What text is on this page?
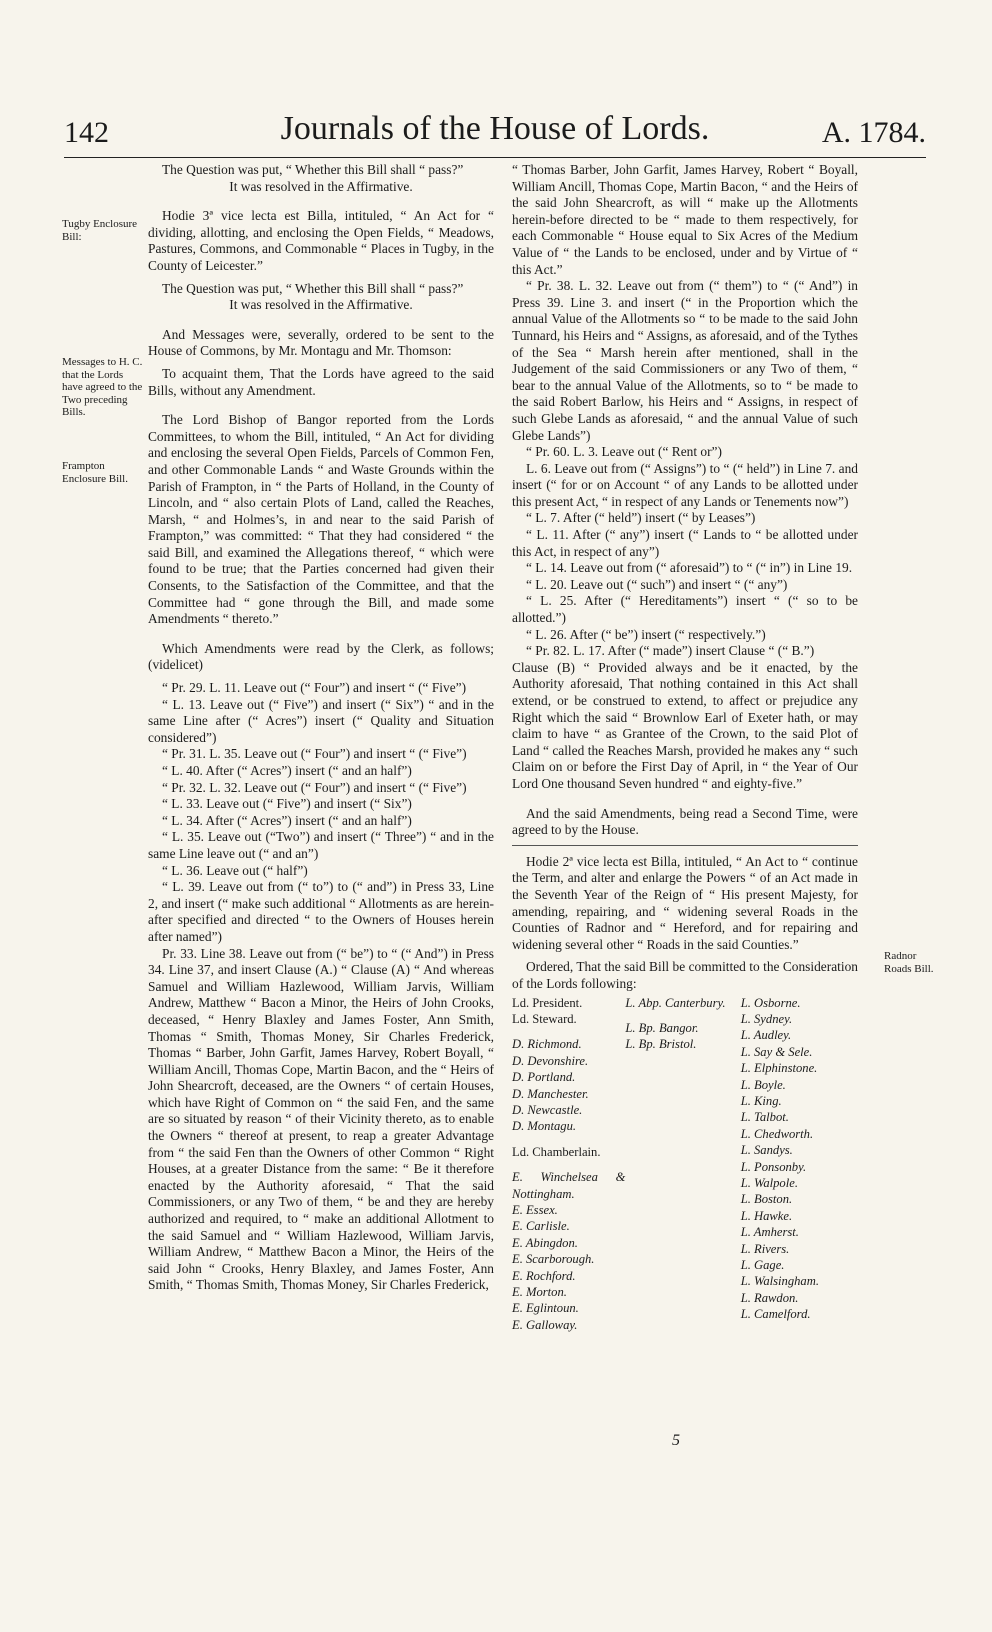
142	Journals of the House of Lords.	A. 1784.

Tugby Enclosure Bill:

Messages to H. C. that the Lords have agreed to the Two preceding Bills.

Frampton Enclosure Bill.

Radnor Roads Bill.

The Question was put, “ Whether this Bill shall “ pass?”

It was resolved in the Affirmative.

Hodie 3ª vice lecta est Billa, intituled, “ An Act for “ dividing, allotting, and enclosing the Open Fields, “ Meadows, Pastures, Commons, and Commonable “ Places in Tugby, in the County of Leicester.”

The Question was put, “ Whether this Bill shall “ pass?”

It was resolved in the Affirmative.

And Messages were, severally, ordered to be sent to the House of Commons, by Mr. Montagu and Mr. Thomson:

To acquaint them, That the Lords have agreed to the said Bills, without any Amendment.

The Lord Bishop of Bangor reported from the Lords Committees, to whom the Bill, intituled, “ An Act for dividing and enclosing the several Open Fields, Parcels of Common Fen, and other Commonable Lands “ and Waste Grounds within the Parish of Frampton, in “ the Parts of Holland, in the County of Lincoln, and “ also certain Plots of Land, called the Reaches, Marsh, “ and Holmes’s, in and near to the said Parish of Frampton,” was committed: “ That they had considered “ the said Bill, and examined the Allegations thereof, “ which were found to be true; that the Parties concerned had given their Consents, to the Satisfaction of the Committee, and that the Committee had “ gone through the Bill, and made some Amendments “ thereto.”

Which Amendments were read by the Clerk, as follows; (videlicet)

“ Pr. 29. L. 11. Leave out (“ Four”) and insert “ (“ Five”)

“ L. 13. Leave out (“ Five”) and insert (“ Six”) “ and in the same Line after (“ Acres”) insert (“ Quality and Situation considered”)

“ Pr. 31. L. 35. Leave out (“ Four”) and insert “ (“ Five”)

“ L. 40. After (“ Acres”) insert (“ and an half”)

“ Pr. 32. L. 32. Leave out (“ Four”) and insert “ (“ Five”)

“ L. 33. Leave out (“ Five”) and insert (“ Six”)

“ L. 34. After (“ Acres”) insert (“ and an half”)

“ L. 35. Leave out (“Two”) and insert (“ Three”) “ and in the same Line leave out (“ and an”)

“ L. 36. Leave out (“ half”)

“ L. 39. Leave out from (“ to”) to (“ and”) in Press 33, Line 2, and insert (“ make such additional “ Allotments as are herein-after specified and directed “ to the Owners of Houses herein after named”)

Pr. 33. Line 38. Leave out from (“ be”) to “ (“ And”) in Press 34. Line 37, and insert Clause (A.) “ Clause (A) “ And whereas Samuel and William Hazlewood, William Jarvis, William Andrew, Matthew “ Bacon a Minor, the Heirs of John Crooks, deceased, “ Henry Blaxley and James Foster, Ann Smith, Thomas “ Smith, Thomas Money, Sir Charles Frederick, Thomas “ Barber, John Garfit, James Harvey, Robert Boyall, “ William Ancill, Thomas Cope, Martin Bacon, and the “ Heirs of John Shearcroft, deceased, are the Owners “ of certain Houses, which have Right of Common on “ the said Fen, and the same are so situated by reason “ of their Vicinity thereto, as to enable the Owners “ thereof at present, to reap a greater Advantage from “ the said Fen than the Owners of other Common “ Right Houses, at a greater Distance from the same: “ Be it therefore enacted by the Authority aforesaid, “ That the said Commissioners, or any Two of them, “ be and they are hereby authorized and required, to “ make an additional Allotment to the said Samuel and “ William Hazlewood, William Jarvis, William Andrew, “ Matthew Bacon a Minor, the Heirs of the said John “ Crooks, Henry Blaxley, and James Foster, Ann Smith, “ Thomas Smith, Thomas Money, Sir Charles Frederick,

“ Thomas Barber, John Garfit, James Harvey, Robert “ Boyall, William Ancill, Thomas Cope, Martin Bacon, “ and the Heirs of the said John Shearcroft, as will “ make up the Allotments herein-before directed to be “ made to them respectively, for each Commonable “ House equal to Six Acres of the Medium Value of “ the Lands to be enclosed, under and by Virtue of “ this Act.”

“ Pr. 38. L. 32. Leave out from (“ them”) to “ (“ And”) in Press 39. Line 3. and insert (“ in the Proportion which the annual Value of the Allotments so “ to be made to the said John Tunnard, his Heirs and “ Assigns, as aforesaid, and of the Tythes of the Sea “ Marsh herein after mentioned, shall in the Judgement of the said Commissioners or any Two of them, “ bear to the annual Value of the Allotments, so to “ be made to the said Robert Barlow, his Heirs and “ Assigns, in respect of such Glebe Lands as aforesaid, “ and the annual Value of such Glebe Lands”)

“ Pr. 60. L. 3. Leave out (“ Rent or”)

L. 6. Leave out from (“ Assigns”) to “ (“ held”) in Line 7. and insert (“ for or on Account “ of any Lands to be allotted under this present Act, “ in respect of any Lands or Tenements now”)

“ L. 7. After (“ held”) insert (“ by Leases”)

“ L. 11. After (“ any”) insert (“ Lands to “ be allotted under this Act, in respect of any”)

“ L. 14. Leave out from (“ aforesaid”) to “ (“ in”) in Line 19.

“ L. 20. Leave out (“ such”) and insert “ (“ any”)

“ L. 25. After (“ Hereditaments”) insert “ (“ so to be allotted.”)

“ L. 26. After (“ be”) insert (“ respectively.”)

“ Pr. 82. L. 17. After (“ made”) insert Clause “ (“ B.”)

Clause (B) “ Provided always and be it enacted, by the Authority aforesaid, That nothing contained in this Act shall extend, or be construed to extend, to affect or prejudice any Right which the said “ Brownlow Earl of Exeter hath, or may claim to have “ as Grantee of the Crown, to the said Plot of Land “ called the Reaches Marsh, provided he makes any “ such Claim on or before the First Day of April, in “ the Year of Our Lord One thousand Seven hundred “ and eighty-five.”

And the said Amendments, being read a Second Time, were agreed to by the House.

Hodie 2ª vice lecta est Billa, intituled, “ An Act to “ continue the Term, and alter and enlarge the Powers “ of an Act made in the Seventh Year of the Reign of “ His present Majesty, for amending, repairing, and “ widening several Roads in the Counties of Radnor and “ Hereford, and for repairing and widening several other “ Roads in the said Counties.”

Ordered, That the said Bill be committed to the Consideration of the Lords following:

Ld. President.

Ld. Steward.

D. Richmond.

D. Devonshire.

D. Portland.

D. Manchester.

D. Newcastle.

D. Montagu.

Ld. Chamberlain.

E. Winchelsea & Nottingham.

E. Essex.

E. Carlisle.

E. Abingdon.

E. Scarborough.

E. Rochford.

E. Morton.

E. Eglintoun.

E. Galloway.

L. Abp. Canterbury.

L. Bp. Bangor.

L. Bp. Bristol.

L. Osborne.

L. Sydney.

L. Audley.

L. Say & Sele.

L. Elphinstone.

L. Boyle.

L. King.

L. Talbot.

L. Chedworth.

L. Sandys.

L. Ponsonby.

L. Walpole.

L. Boston.

L. Hawke.

L. Amherst.

L. Rivers.

L. Gage.

L. Walsingham.

L. Rawdon.

L. Camelford.

5
